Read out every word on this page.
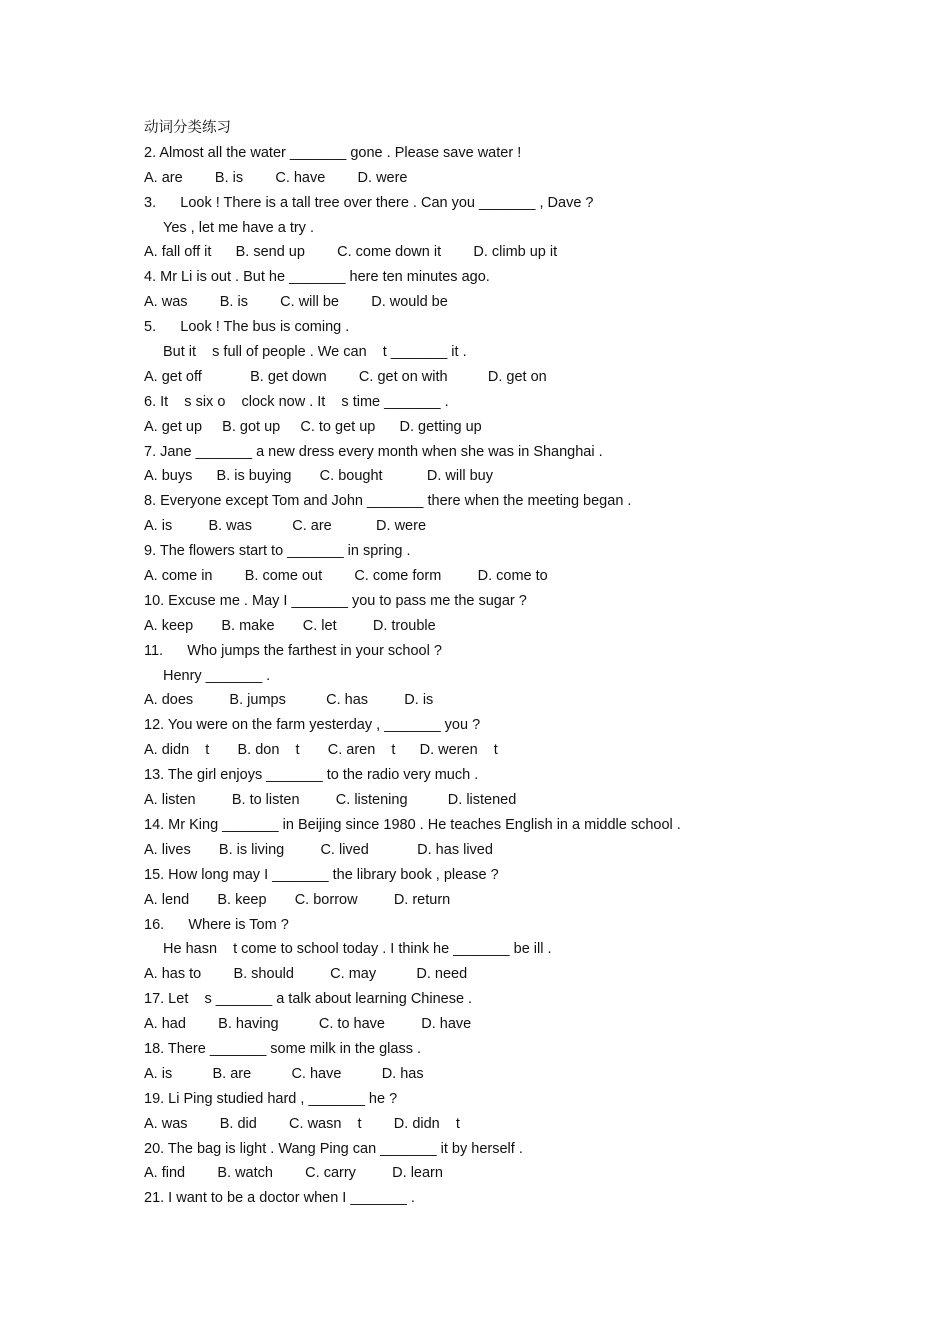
动词分类练习
2. Almost all the water _______ gone . Please save water !
A. are        B. is        C. have        D. were
3.      Look ! There is a tall tree over there . Can you _______ , Dave ?
Yes , let me have a try .
A. fall off it      B. send up        C. come down it        D. climb up it
4. Mr Li is out . But he _______ here ten minutes ago.
A. was        B. is        C. will be        D. would be
5.      Look ! The bus is coming .
But it    s full of people . We can    t _______ it .
A. get off            B. get down        C. get on with          D. get on
6. It    s six o    clock now . It    s time _______ .
A. get up     B. got up     C. to get up      D. getting up
7. Jane _______ a new dress every month when she was in Shanghai .
A. buys      B. is buying       C. bought           D. will buy
8. Everyone except Tom and John _______ there when the meeting began .
A. is         B. was          C. are           D. were
9. The flowers start to _______ in spring .
A. come in        B. come out        C. come form         D. come to
10. Excuse me . May I _______ you to pass me the sugar ?
A. keep       B. make       C. let         D. trouble
11.      Who jumps the farthest in your school ?
Henry _______ .
A. does         B. jumps          C. has         D. is
12. You were on the farm yesterday , _______ you ?
A. didn    t       B. don    t       C. aren    t      D. weren    t
13. The girl enjoys _______ to the radio very much .
A. listen         B. to listen         C. listening          D. listened
14. Mr King _______ in Beijing since 1980 . He teaches English in a middle school .
A. lives       B. is living         C. lived            D. has lived
15. How long may I _______ the library book , please ?
A. lend       B. keep       C. borrow         D. return
16.      Where is Tom ?
He hasn    t come to school today . I think he _______ be ill .
A. has to        B. should         C. may          D. need
17. Let    s _______ a talk about learning Chinese .
A. had        B. having          C. to have         D. have
18. There _______ some milk in the glass .
A. is          B. are          C. have          D. has
19. Li Ping studied hard , _______ he ?
A. was        B. did        C. wasn    t        D. didn    t
20. The bag is light . Wang Ping can _______ it by herself .
A. find        B. watch        C. carry         D. learn
21. I want to be a doctor when I _______ .
